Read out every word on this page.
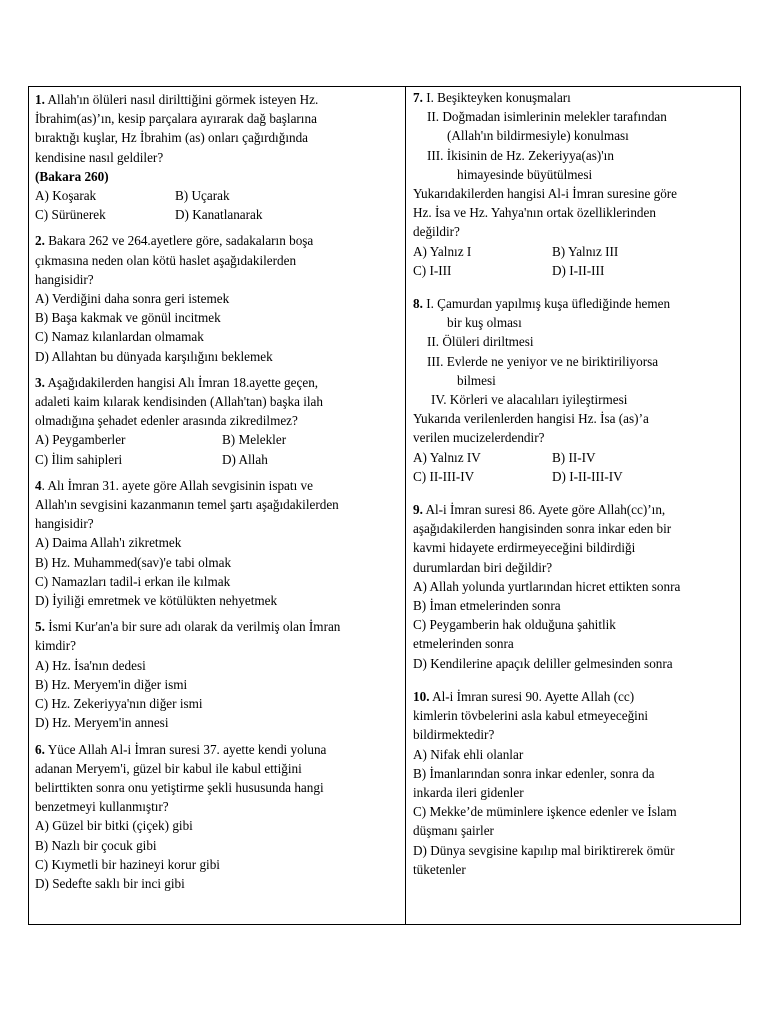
1. Allah'ın ölüleri nasıl dirilttiğini görmek isteyen Hz.
İbrahim(as)’ın, kesip parçalara ayırarak dağ başlarına
bıraktığı kuşlar, Hz İbrahim (as) onları çağırdığında
kendisine nasıl geldiler?
(Bakara 260)
A) Koşarak	B) Uçarak
C) Sürünerek	D) Kanatlanarak
2. Bakara 262 ve 264.ayetlere göre, sadakaların boşa
çıkmasına neden olan kötü haslet aşağıdakilerden
hangisidir?
A) Verdiğini daha sonra geri istemek
B) Başa kakmak ve gönül incitmek
C) Namaz kılanlardan olmamak
D) Allahtan bu dünyada karşılığını beklemek
3. Aşağıdakilerden hangisi Alı İmran 18.ayette geçen,
adaleti kaim kılarak kendisinden (Allah'tan) başka ilah
olmadığına şehadet edenler arasında zikredilmez?
A) Peygamberler	B) Melekler
C) İlim sahipleri	D) Allah
4. Alı İmran 31. ayete göre Allah sevgisinin ispatı ve
Allah'ın sevgisini kazanmanın temel şartı aşağıdakilerden
hangisidir?
A) Daima Allah'ı zikretmek
B) Hz. Muhammed(sav)'e tabi olmak
C) Namazları tadil-i erkan ile kılmak
D) İyiliği emretmek ve kötülükten nehyetmek
5. İsmi Kur'an'a bir sure adı olarak da verilmiş olan İmran
kimdir?
A) Hz. İsa'nın dedesi
B) Hz. Meryem'in diğer ismi
C) Hz. Zekeriyya'nın diğer ismi
D) Hz. Meryem'in annesi
6. Yüce Allah Al-i İmran suresi 37. ayette kendi yoluna
adanan Meryem'i, güzel bir kabul ile kabul ettiğini
belirttikten sonra onu yetiştirme şekli hususunda hangi
benzetmeyi kullanmıştır?
A) Güzel bir bitki (çiçek) gibi
B) Nazlı bir çocuk gibi
C) Kıymetli bir hazineyi korur gibi
D) Sedefte saklı bir inci gibi
7. I. Beşikteyken konuşmaları
II. Doğmadan isimlerinin melekler tarafından
(Allah'ın bildirmesiyle) konulması
III. İkisinin de Hz. Zekeriyya(as)'ın
himayesinde büyütülmesi
Yukarıdakilerden hangisi Al-i İmran suresine göre
Hz. İsa ve Hz. Yahya'nın ortak özelliklerinden
değildir?
A) Yalnız I	B) Yalnız III
C) I-III	D) I-II-III
8. I. Çamurdan yapılmış kuşa üflediğinde hemen
bir kuş olması
II. Ölüleri diriltmesi
III. Evlerde ne yeniyor ve ne biriktiriliyorsa
bilmesi
IV. Körleri ve alacalıları iyileştirmesi
Yukarıda verilenlerden hangisi Hz. İsa (as)’a
verilen mucizelerdendir?
A) Yalnız IV	B) II-IV
C) II-III-IV	D) I-II-III-IV
9. Al-i İmran suresi 86. Ayete göre Allah(cc)’ın,
aşağıdakilerden hangisinden sonra inkar eden bir
kavmi hidayete erdirmeyeceğini bildirdiği
durumlardan biri değildir?
A) Allah yolunda yurtlarından hicret ettikten sonra
B) İman etmelerinden sonra
C) Peygamberin hak olduğuna şahitlik
etmelerinden sonra
D) Kendilerine apaçık deliller gelmesinden sonra
10. Al-i İmran suresi 90. Ayette Allah (cc)
kimlerin tövbelerini asla kabul etmeyeceğini
bildirmektedir?
A) Nifak ehli olanlar
B) İmanlarından sonra inkar edenler, sonra da
inkarda ileri gidenler
C) Mekke’de müminlere işkence edenler ve İslam
düşmanı şairler
D) Dünya sevgisine kapılıp mal biriktirerek ömür
tüketenler
